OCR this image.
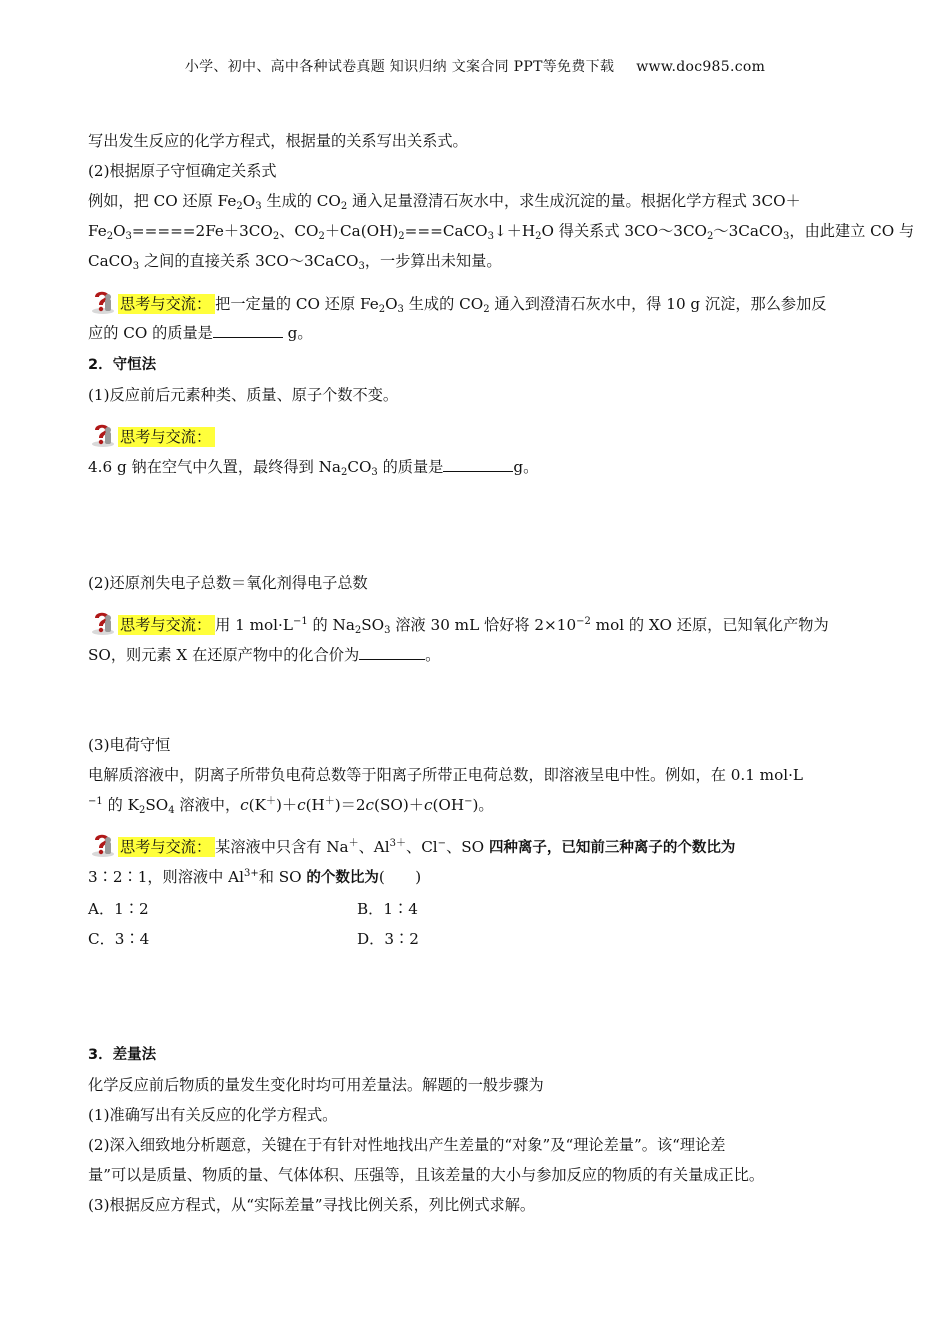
小学、初中、高中各种试卷真题 知识归纳 文案合同 PPT等免费下载 www.doc985.com
写出发生反应的化学方程式，根据量的关系写出关系式。
(2)根据原子守恒确定关系式
例如，把 CO 还原 $Fe_2O_3$ 生成的 $CO_2$ 通入足量澄清石灰水中，求生成沉淀的量。根据化学方程式 3CO＋
$Fe_2O_3=====2Fe+3CO_2$、$CO_2+Ca(OH)_2===CaCO_3↓+H_2O$ 得关系式 $3CO\sim 3CO_2\sim 3CaCO_3$，由此建立 CO 与
CaCO$_3$ 之间的直接关系 3CO～3CaCO$_3$，一步算出未知量。
思考与交流： 把一定量的 CO 还原 $Fe_2O_3$ 生成的 $CO_2$ 通入到澄清石灰水中，得 10 g 沉淀，那么参加反
应的 CO 的质量是	g。
2．守恒法
(1)反应前后元素种类、质量、原子个数不变。
思考与交流：
4.6 g 钠在空气中久置，最终得到 $Na_2CO_3$ 的质量是	g。
(2)还原剂失电子总数＝氧化剂得电子总数
思考与交流： 用 1 $mol\cdot L^{-1}$ 的 $Na_2SO_3$ 溶液 30 mL 恰好将 $2\times 10^{-2}$ mol 的 XO 还原，已知氧化产物为
SO，则元素 X 在还原产物中的化合价为	。
(3)电荷守恒
电解质溶液中，阴离子所带负电荷总数等于阳离子所带正电荷总数，即溶液呈电中性。例如，在 0.1 mol·L
$^{-1}$ 的 $K_2SO_4$ 溶液中，c(K＋)＋c(H＋)＝2c(SO)＋c(OH−)。
思考与交流： 某溶液中只含有 Na＋、$Al^{3+}$、Cl−、SO 四种离子，已知前三种离子的个数比为
3∶2∶1，则溶液中 $Al^{3+}$和 SO 的个数比为(　　)
A．1∶2	B．1∶4
C．3∶4	D．3∶2
3．差量法
化学反应前后物质的量发生变化时均可用差量法。解题的一般步骤为
(1)准确写出有关反应的化学方程式。
(2)深入细致地分析题意，关键在于有针对性地找出产生差量的“对象”及“理论差量”。该“理论差
量”可以是质量、物质的量、气体体积、压强等，且该差量的大小与参加反应的物质的有关量成正比。
(3)根据反应方程式，从“实际差量”寻找比例关系，列比例式求解。
